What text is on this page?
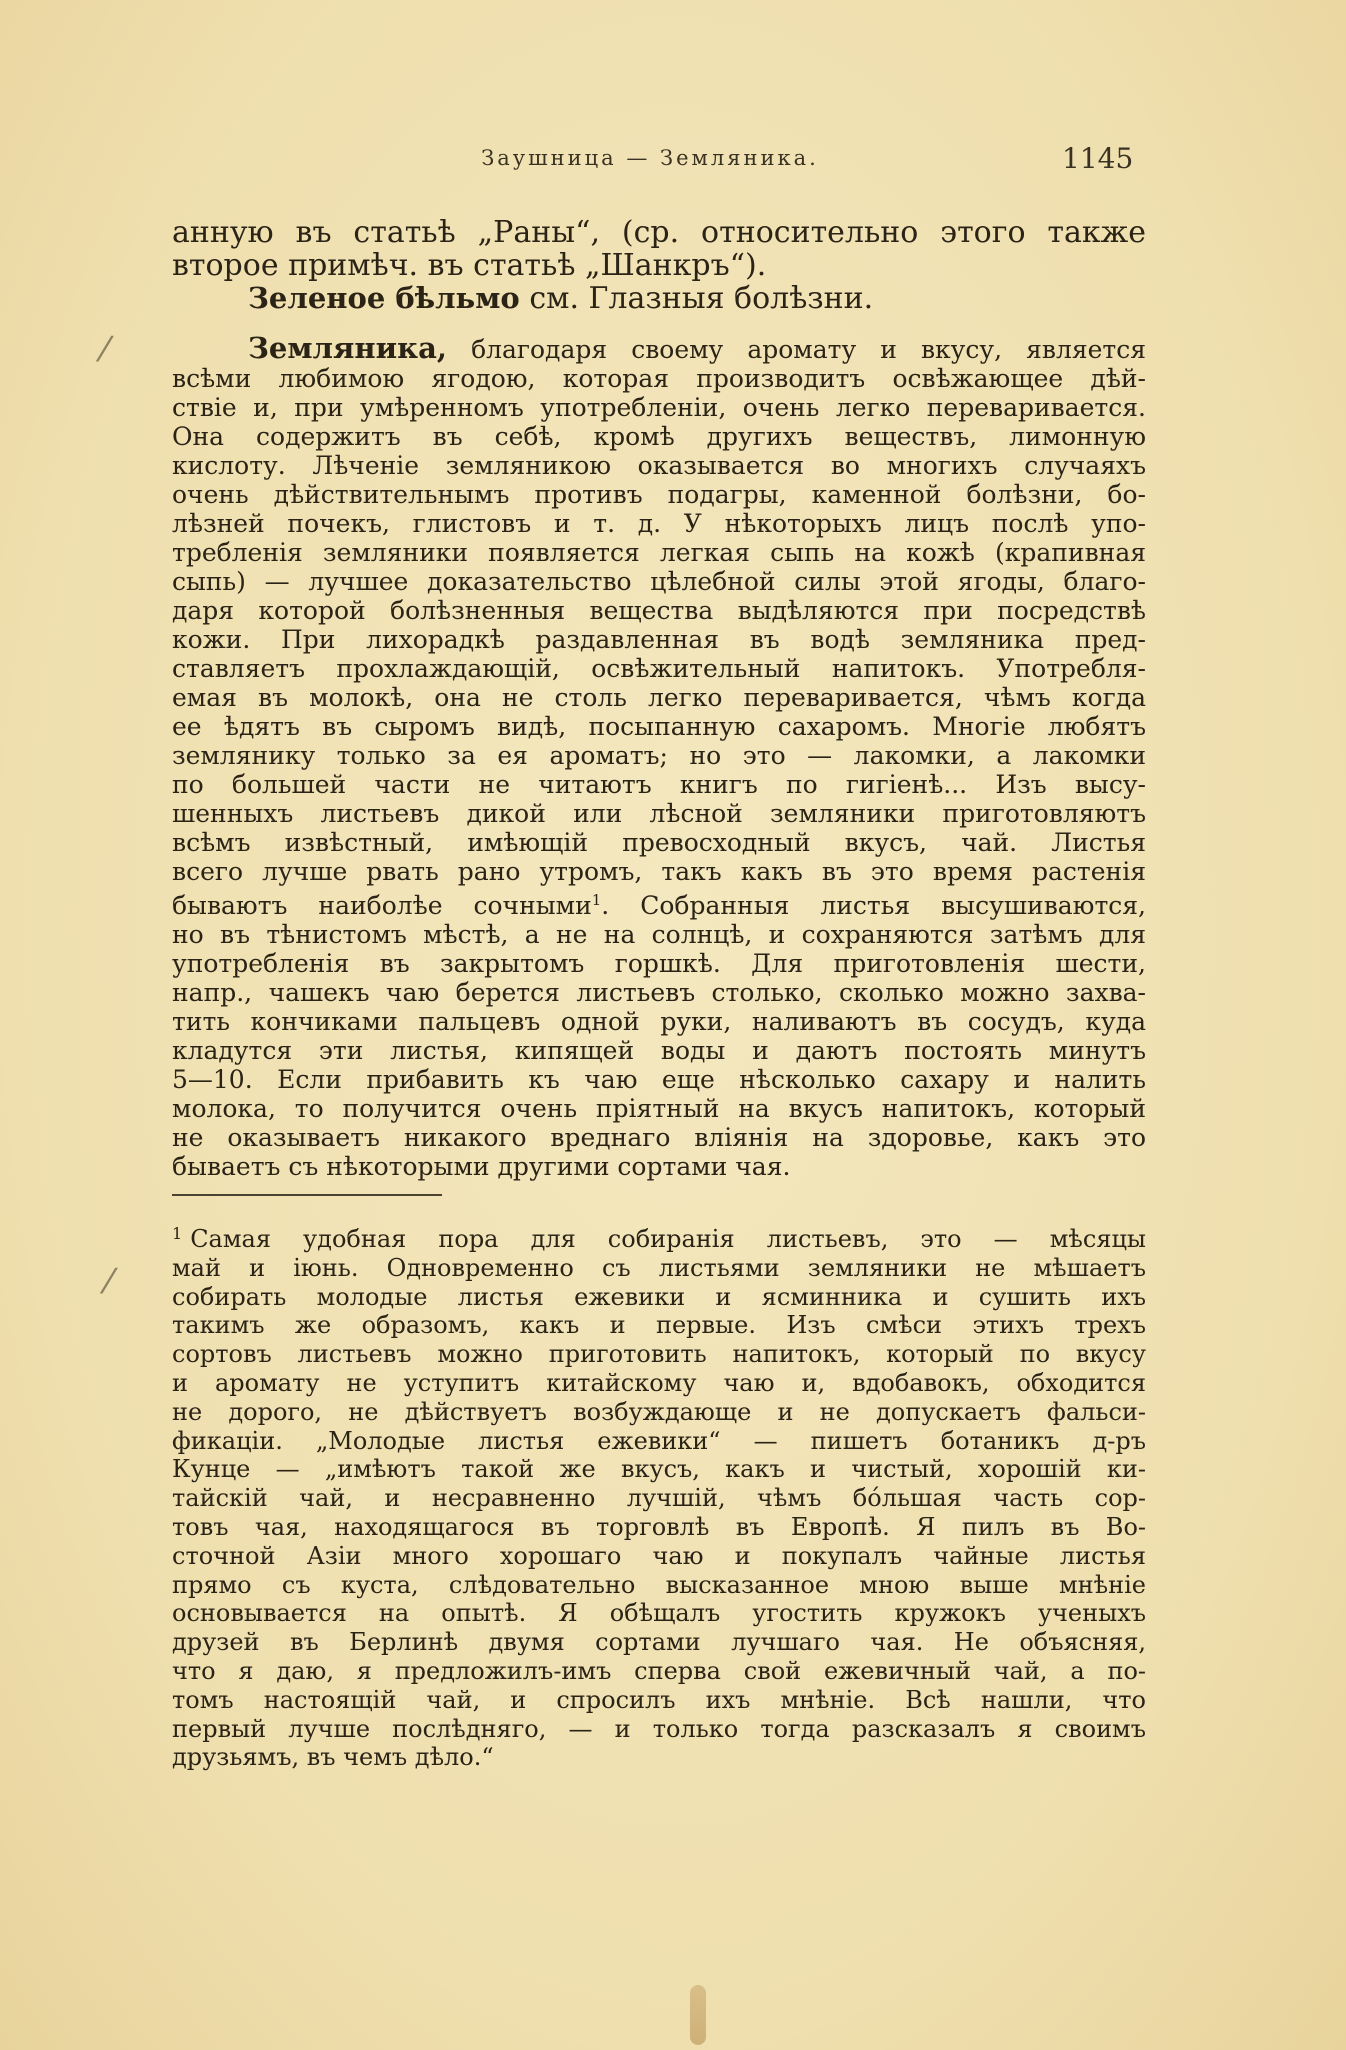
Заушница — Земляника.	1145
⁄
⁄
анную въ статьѣ „Раны“, (ср. относительно этого также
второе примѣч. въ статьѣ „Шанкръ“).
Зеленое бѣльмо см. Глазныя болѣзни.
Земляника, благодаря своему аромату и вкусу, является
всѣми любимою ягодою, которая производитъ освѣжающее дѣй-
ствіе и, при умѣренномъ употребленіи, очень легко переваривается.
Она содержитъ въ себѣ, кромѣ другихъ веществъ, лимонную
кислоту. Лѣченіе земляникою оказывается во многихъ случаяхъ
очень дѣйствительнымъ противъ подагры, каменной болѣзни, бо-
лѣзней почекъ, глистовъ и т. д. У нѣкоторыхъ лицъ послѣ упо-
требленія земляники появляется легкая сыпь на кожѣ (крапивная
сыпь) — лучшее доказательство цѣлебной силы этой ягоды, благо-
даря которой болѣзненныя вещества выдѣляются при посредствѣ
кожи. При лихорадкѣ раздавленная въ водѣ земляника пред-
ставляетъ прохлаждающій, освѣжительный напитокъ. Употребля-
емая въ молокѣ, она не столь легко переваривается, чѣмъ когда
ее ѣдятъ въ сыромъ видѣ, посыпанную сахаромъ. Многіе любятъ
землянику только за ея ароматъ; но это — лакомки, а лакомки
по большей части не читаютъ книгъ по гигіенѣ... Изъ высу-
шенныхъ листьевъ дикой или лѣсной земляники приготовляютъ
всѣмъ извѣстный, имѣющій превосходный вкусъ, чай. Листья
всего лучше рвать рано утромъ, такъ какъ въ это время растенія
бываютъ наиболѣе сочными$^1$. Собранныя листья высушиваются,
но въ тѣнистомъ мѣстѣ, а не на солнцѣ, и сохраняются затѣмъ для
употребленія въ закрытомъ горшкѣ. Для приготовленія шести,
напр., чашекъ чаю берется листьевъ столько, сколько можно захва-
тить кончиками пальцевъ одной руки, наливаютъ въ сосудъ, куда
кладутся эти листья, кипящей воды и даютъ постоять минутъ
5—10. Если прибавить къ чаю еще нѣсколько сахару и налить
молока, то получится очень пріятный на вкусъ напитокъ, который
не оказываетъ никакого вреднаго вліянія на здоровье, какъ это
бываетъ съ нѣкоторыми другими сортами чая.
$^1$ Самая удобная пора для собиранія листьевъ, это — мѣсяцы
май и іюнь. Одновременно съ листьями земляники не мѣшаетъ
собирать молодые листья ежевики и ясминника и сушить ихъ
такимъ же образомъ, какъ и первые. Изъ смѣси этихъ трехъ
сортовъ листьевъ можно приготовить напитокъ, который по вкусу
и аромату не уступитъ китайскому чаю и, вдобавокъ, обходится
не дорого, не дѣйствуетъ возбуждающе и не допускаетъ фальси-
фикаціи. „Молодые листья ежевики“ — пишетъ ботаникъ д-ръ
Кунце — „имѣютъ такой же вкусъ, какъ и чистый, хорошій ки-
тайскій чай, и несравненно лучшій, чѣмъ бо́льшая часть сор-
товъ чая, находящагося въ торговлѣ въ Европѣ. Я пилъ въ Во-
сточной Азіи много хорошаго чаю и покупалъ чайные листья
прямо съ куста, слѣдовательно высказанное мною выше мнѣніе
основывается на опытѣ. Я обѣщалъ угостить кружокъ ученыхъ
друзей въ Берлинѣ двумя сортами лучшаго чая. Не объясняя,
что я даю, я предложилъ-имъ сперва свой ежевичный чай, а по-
томъ настоящій чай, и спросилъ ихъ мнѣніе. Всѣ нашли, что
первый лучше послѣдняго, — и только тогда разсказалъ я своимъ
друзьямъ, въ чемъ дѣло.“
